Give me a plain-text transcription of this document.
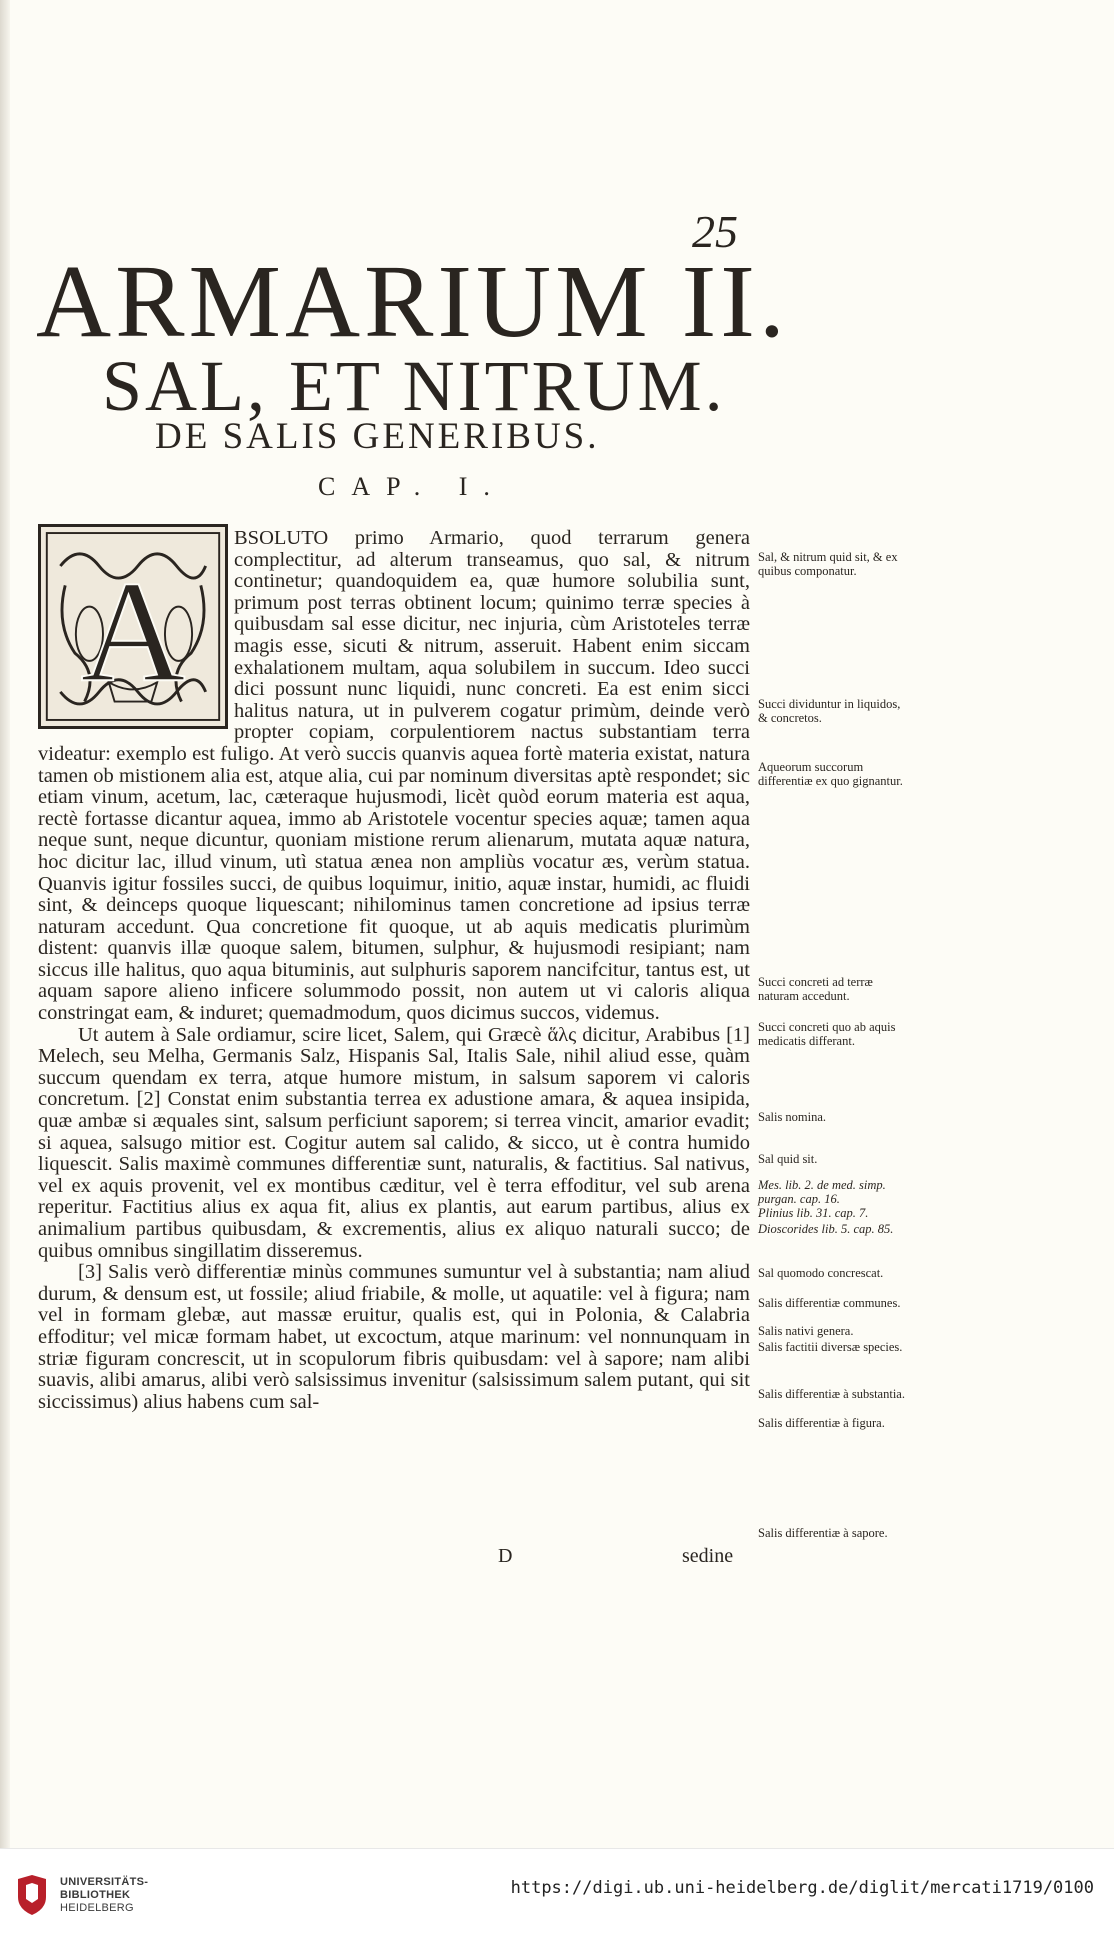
25
ARMARIUM II.
SAL, ET NITRUM.
DE SALIS GENERIBUS.
CAP. I.
A

BSOLUTO primo Armario, quod terrarum genera complectitur, ad alterum transeamus, quo sal, & nitrum continetur; quandoquidem ea, quæ humore solubilia sunt, primum post terras obtinent locum; quinimo terræ species à quibusdam sal esse dicitur, nec injuria, cùm Aristoteles terræ magis esse, sicuti & nitrum, asseruit. Habent enim siccam exhalationem multam, aqua solubilem in succum. Ideo succi dici possunt nunc liquidi, nunc concreti. Ea est enim sicci halitus natura, ut in pulverem cogatur primùm, deinde verò propter copiam, corpulentiorem nactus substantiam terra videatur: exemplo est fuligo. At verò succis quanvis aquea fortè materia existat, natura tamen ob mistionem alia est, atque alia, cui par nominum diversitas aptè respondet; sic etiam vinum, acetum, lac, cæteraque hujusmodi, licèt quòd eorum materia est aqua, rectè fortasse dicantur aquea, immo ab Aristotele vocentur species aquæ; tamen aqua neque sunt, neque dicuntur, quoniam mistione rerum alienarum, mutata aquæ natura, hoc dicitur lac, illud vinum, utì statua ænea non ampliùs vocatur æs, verùm statua. Quanvis igitur fossiles succi, de quibus loquimur, initio, aquæ instar, humidi, ac fluidi sint, & deinceps quoque liquescant; nihilominus tamen concretione ad ipsius terræ naturam accedunt. Qua concretione fit quoque, ut ab aquis medicatis plurimùm distent: quanvis illæ quoque salem, bitumen, sulphur, & hujusmodi resipiant; nam siccus ille halitus, quo aqua bituminis, aut sulphuris saporem nancifcitur, tantus est, ut aquam sapore alieno inficere solummodo possit, non autem ut vi caloris aliqua constringat eam, & induret; quemadmodum, quos dicimus succos, videmus.

Ut autem à Sale ordiamur, scire licet, Salem, qui Græcè ἅλς dicitur, Arabibus [1] Melech, seu Melha, Germanis Salz, Hispanis Sal, Italis Sale, nihil aliud esse, quàm succum quendam ex terra, atque humore mistum, in salsum saporem vi caloris concretum. [2] Constat enim substantia terrea ex adustione amara, & aquea insipida, quæ ambæ si æquales sint, salsum perficiunt saporem; si terrea vincit, amarior evadit; si aquea, salsugo mitior est. Cogitur autem sal calido, & sicco, ut è contra humido liquescit. Salis maximè communes differentiæ sunt, naturalis, & factitius. Sal nativus, vel ex aquis provenit, vel ex montibus cæditur, vel è terra effoditur, vel sub arena reperitur. Factitius alius ex aqua fit, alius ex plantis, aut earum partibus, alius ex animalium partibus quibusdam, & excrementis, alius ex aliquo naturali succo; de quibus omnibus singillatim disseremus.

[3] Salis verò differentiæ minùs communes sumuntur vel à substantia; nam aliud durum, & densum est, ut fossile; aliud friabile, & molle, ut aquatile: vel à figura; nam vel in formam glebæ, aut massæ eruitur, qualis est, qui in Polonia, & Calabria effoditur; vel micæ formam habet, ut excoctum, atque marinum: vel nonnunquam in striæ figuram concrescit, ut in scopulorum fibris quibusdam: vel à sapore; nam alibi suavis, alibi amarus, alibi verò salsissimus invenitur (salsissimum salem putant, qui sit siccissimus) alius habens cum sal-

Sal, & nitrum quid sit, & ex quibus componatur.
Succi dividuntur in liquidos, & concretos.
Aqueorum succorum differentiæ ex quo gignantur.
Succi concreti ad terræ naturam accedunt.
Succi concreti quo ab aquis medicatis differant.
Salis nomina.
Sal quid sit.
Mes. lib. 2. de med. simp. purgan. cap. 16.
Plinius lib. 31. cap. 7.
Dioscorides lib. 5. cap. 85.
Sal quomodo concrescat.
Salis differentiæ communes.
Salis nativi genera.
Salis factitii diversæ species.
Salis differentiæ à substantia.
Salis differentiæ à figura.
Salis differentiæ à sapore.
D	sedine
UNIVERSITÄTS-
BIBLIOTHEK
HEIDELBERG
https://digi.ub.uni-heidelberg.de/diglit/mercati1719/0100
